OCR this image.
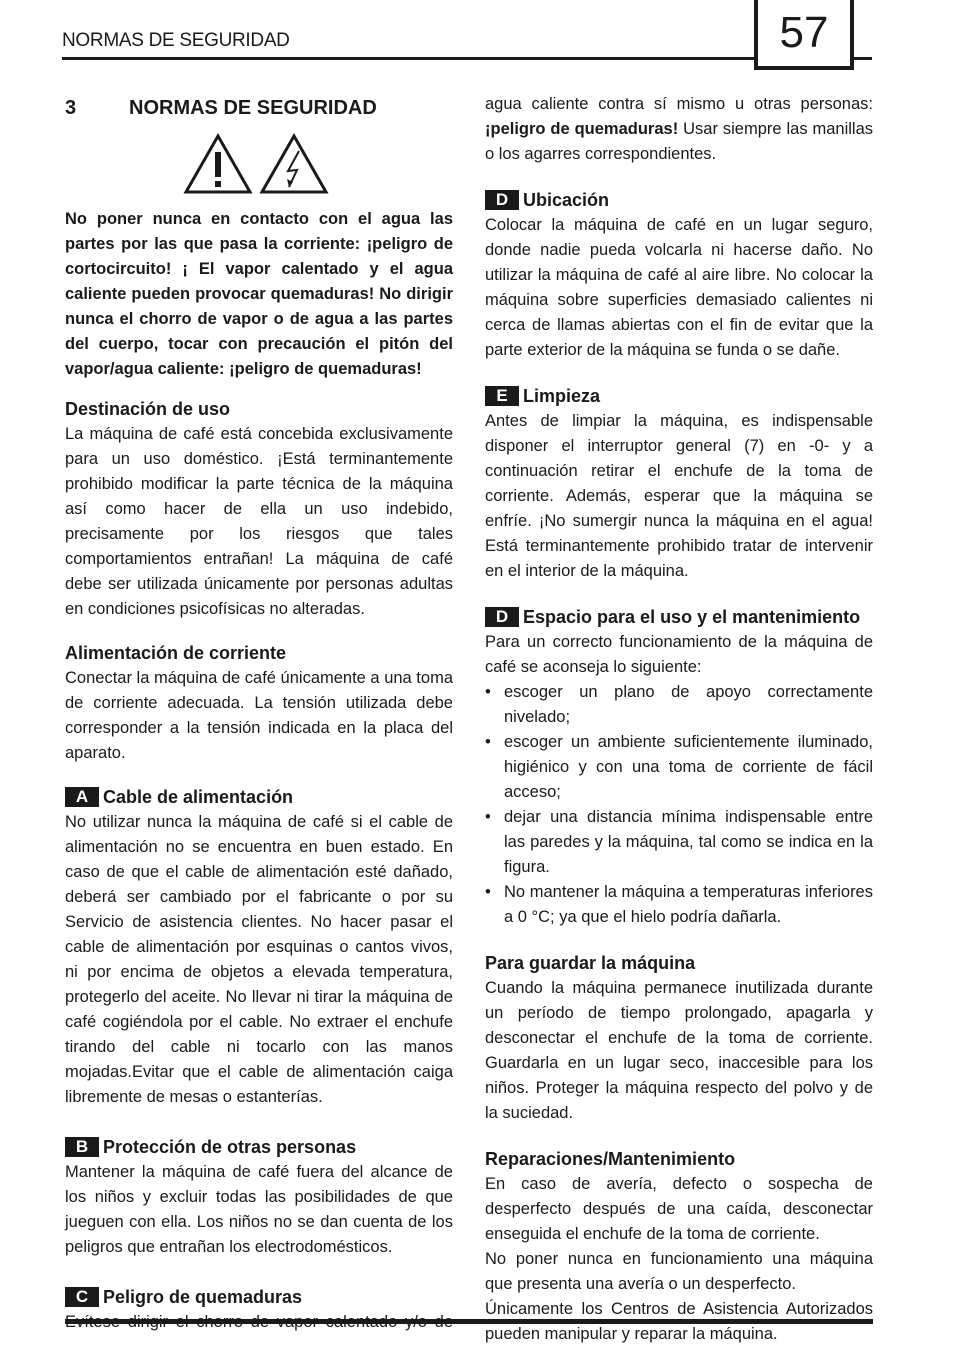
NORMAS DE SEGURIDAD	57
3	NORMAS DE SEGURIDAD
No poner nunca en contacto con el agua las partes por las que pasa la corriente: ¡peligro de cortocircuito! ¡ El vapor calentado y el agua caliente pueden provocar quemaduras! No dirigir nunca el chorro de vapor o de agua a las partes del cuerpo, tocar con precaución el pitón del vapor/agua caliente: ¡peligro de quemaduras!
Destinación de uso

La máquina de café está concebida exclusivamente para un uso doméstico. ¡Está terminantemente prohibido modificar la parte técnica de la máquina así como hacer de ella un uso indebido, precisamente por los riesgos que tales comportamientos entrañan! La máquina de café debe ser utilizada únicamente por personas adultas en condiciones psicofísicas no alteradas.

Alimentación de corriente

Conectar la máquina de café únicamente a una toma de corriente adecuada. La tensión utilizada debe corresponder a la tensión indicada en la placa del aparato.

A Cable de alimentación

No utilizar nunca la máquina de café si el cable de alimentación no se encuentra en buen estado. En caso de que el cable de alimentación esté dañado, deberá ser cambiado por el fabricante o por su Servicio de asistencia clientes. No hacer pasar el cable de alimentación por esquinas o cantos vivos, ni por encima de objetos a elevada temperatura, protegerlo del aceite. No llevar ni tirar la máquina de café cogiéndola por el cable. No extraer el enchufe tirando del cable ni tocarlo con las manos mojadas.Evitar que el cable de alimentación caiga libremente de mesas o estanterías.

B Protección de otras personas

Mantener la máquina de café fuera del alcance de los niños y excluir todas las posibilidades de que jueguen con ella. Los niños no se dan cuenta de los peligros que entrañan los electrodomésticos.

C Peligro de quemaduras

agua caliente contra sí mismo u otras personas: ¡peligro de quemaduras! Usar siempre las manillas o los agarres correspondientes.

D Ubicación

Colocar la máquina de café en un lugar seguro, donde nadie pueda volcarla ni hacerse daño. No utilizar la máquina de café al aire libre. No colocar la máquina sobre superficies demasiado calientes ni cerca de llamas abiertas con el fin de evitar que la parte exterior de la máquina se funda o se dañe.

E Limpieza

Antes de limpiar la máquina, es indispensable disponer el interruptor general (7) en -0- y a continuación retirar el enchufe de la toma de corriente. Además, esperar que la máquina se enfríe. ¡No sumergir nunca la máquina en el agua! Está terminantemente prohibido tratar de intervenir en el interior de la máquina.

D Espacio para el uso y el mantenimiento

Para un correcto funcionamiento de la máquina de café se aconseja lo siguiente:

• escoger un plano de apoyo correctamente nivelado;
• escoger un ambiente suficientemente iluminado, higiénico y con una toma de corriente de fácil acceso;
• dejar una distancia mínima indispensable entre las paredes y la máquina, tal como se indica en la figura.
• No mantener la máquina a temperaturas inferiores a 0 °C; ya que el hielo podría dañarla.
Para guardar la máquina

Cuando la máquina permanece inutilizada durante un período de tiempo prolongado, apagarla y desconectar el enchufe de la toma de corriente. Guardarla en un lugar seco, inaccesible para los niños. Proteger la máquina respecto del polvo y de la suciedad.

Reparaciones/Mantenimiento

En caso de avería, defecto o sospecha de desperfecto después de una caída, desconectar enseguida el enchufe de la toma de corriente.

No poner nunca en funcionamiento una máquina que presenta una avería o un desperfecto.

Únicamente los Centros de Asistencia Autorizados pueden manipular y reparar la máquina.
